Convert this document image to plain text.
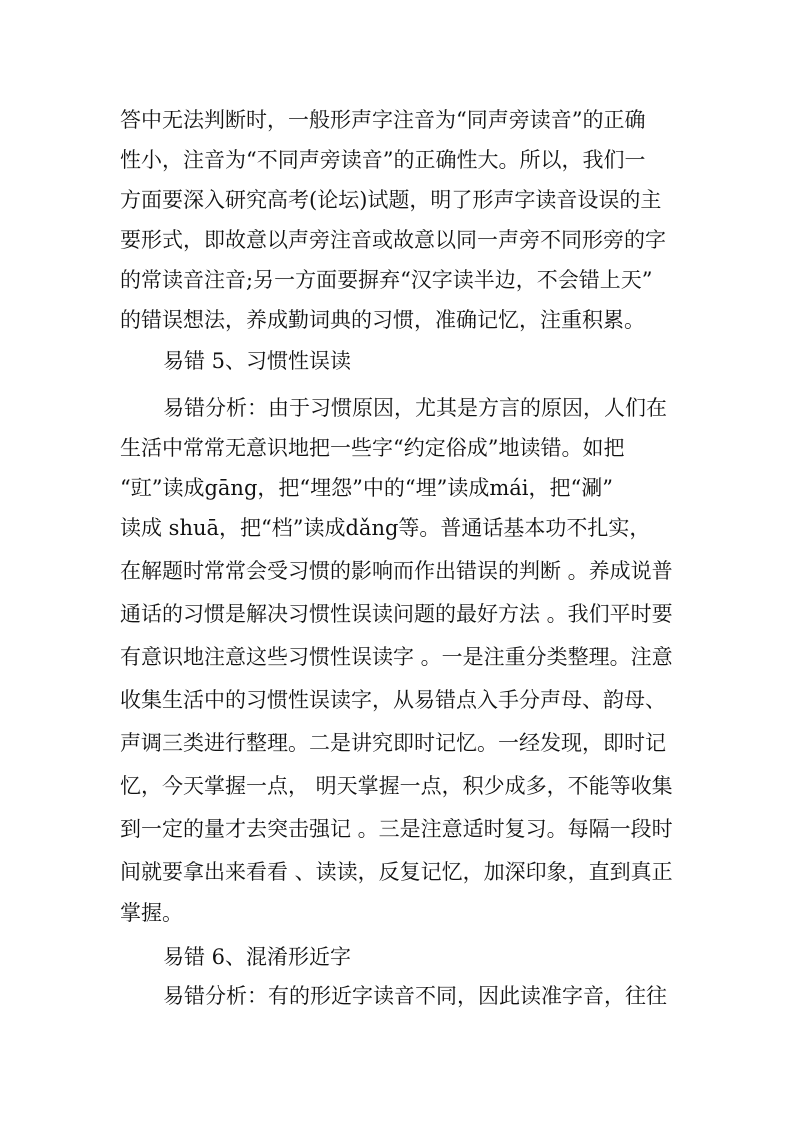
答中无法判断时，一般形声字注音为“同声旁读音”的正确
性小，注音为“不同声旁读音”的正确性大。所以，我们一
方面要深入研究高考(论坛)试题，明了形声字读音设误的主
要形式，即故意以声旁注音或故意以同一声旁不同形旁的字
的常读音注音;另一方面要摒弃“汉字读半边，不会错上天”
的错误想法，养成勤词典的习惯，准确记忆，注重积累。
易错 5、习惯性误读
易错分析：由于习惯原因，尤其是方言的原因，人们在
生活中常常无意识地把一些字“约定俗成”地读错。如把
“豇”读成gāng，把“埋怨”中的“埋”读成mái，把“涮”
读成 shuā，把“档”读成dǎng等。普通话基本功不扎实，
在解题时常常会受习惯的影响而作出错误的判断 。养成说普
通话的习惯是解决习惯性误读问题的最好方法 。我们平时要
有意识地注意这些习惯性误读字 。一是注重分类整理。注意
收集生活中的习惯性误读字，从易错点入手分声母、韵母、
声调三类进行整理。二是讲究即时记忆。一经发现，即时记
忆，今天掌握一点， 明天掌握一点，积少成多，不能等收集
到一定的量才去突击强记 。三是注意适时复习。每隔一段时
间就要拿出来看看 、读读，反复记忆，加深印象，直到真正
掌握。
易错 6、混淆形近字
易错分析：有的形近字读音不同，因此读准字音，往往
